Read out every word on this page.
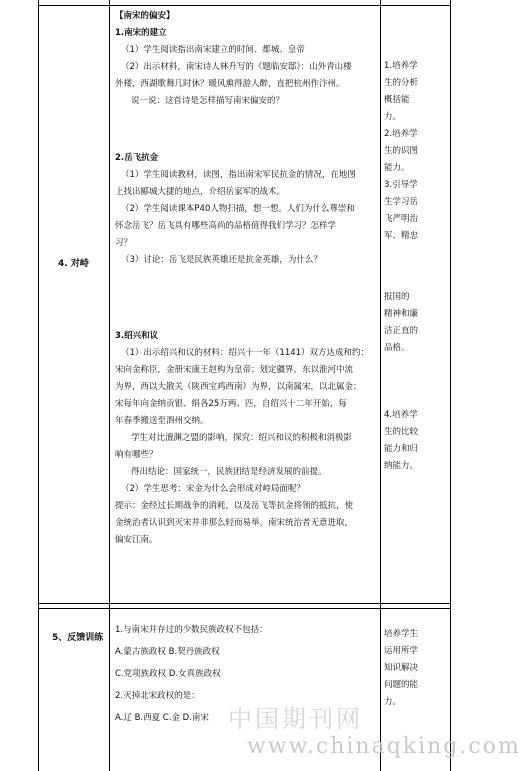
4. 对峙

【南宋的偏安】

1.南宋的建立

（1）学生阅读指出南宋建立的时间、都城、皇帝

（2）出示材料，南宋诗人林升写的《题临安邸》：山外青山楼

外楼，西湖歌舞几时休？暖风熏得游人醉，直把杭州作汴州。

说一说：这首诗是怎样描写南宋偏安的？

2.岳飞抗金

（1）学生阅读教材，读图，指出南宋军民抗金的情况，在地图

上找出郾城大捷的地点，介绍岳家军的战术。

（2）学生阅读课本P40人物扫描，想一想。人们为什么尊崇和

怀念岳飞？岳飞具有哪些高尚的品格值得我们学习？怎样学

习？

（3）讨论：岳飞是民族英雄还是抗金英雄，为什么？

3.绍兴和议

（1）出示绍兴和议的材料：绍兴十一年（1141）双方达成和约：

宋向金称臣，金册宋康王赵构为皇帝；划定疆界，东以淮河中流

为界，西以大散关（陕西宝鸡西南）为界，以南属宋，以北属金；

宋每年向金纳贡银、绢各25万两、匹，自绍兴十二年开始，每

年春季搬送至泗州交纳。

学生对比澶渊之盟的影响，探究：绍兴和议的积极和消极影

响有哪些？

得出结论：国家统一，民族团结是经济发展的前提。

（2）学生思考：宋金为什么会形成对峙局面呢？

提示：金经过长期战争的消耗，以及岳飞等抗金将领的抵抗，使

金统治者认识到灭宋并非那么轻而易举，南宋统治者无意进取，

偏安江南。

1.培养学

生的分析

概括能

力。

2.培养学

生的识图

能力。

3.引导学

生学习岳

飞严明治

军、精忠

报国的

精神和廉

洁正直的

品格。

4.培养学

生的比较

能力和归

纳能力。

5、反馈训练

1.与南宋并存过的少数民族政权不包括：

A.蒙古族政权 B.契丹族政权

C.党项族政权 D.女真族政权

2.灭掉北宋政权的是：

A.辽 B.西夏 C.金 D.南宋

培养学生

运用所学

知识解决

问题的能

力。

中国期刊网
www.chinaqking.com
